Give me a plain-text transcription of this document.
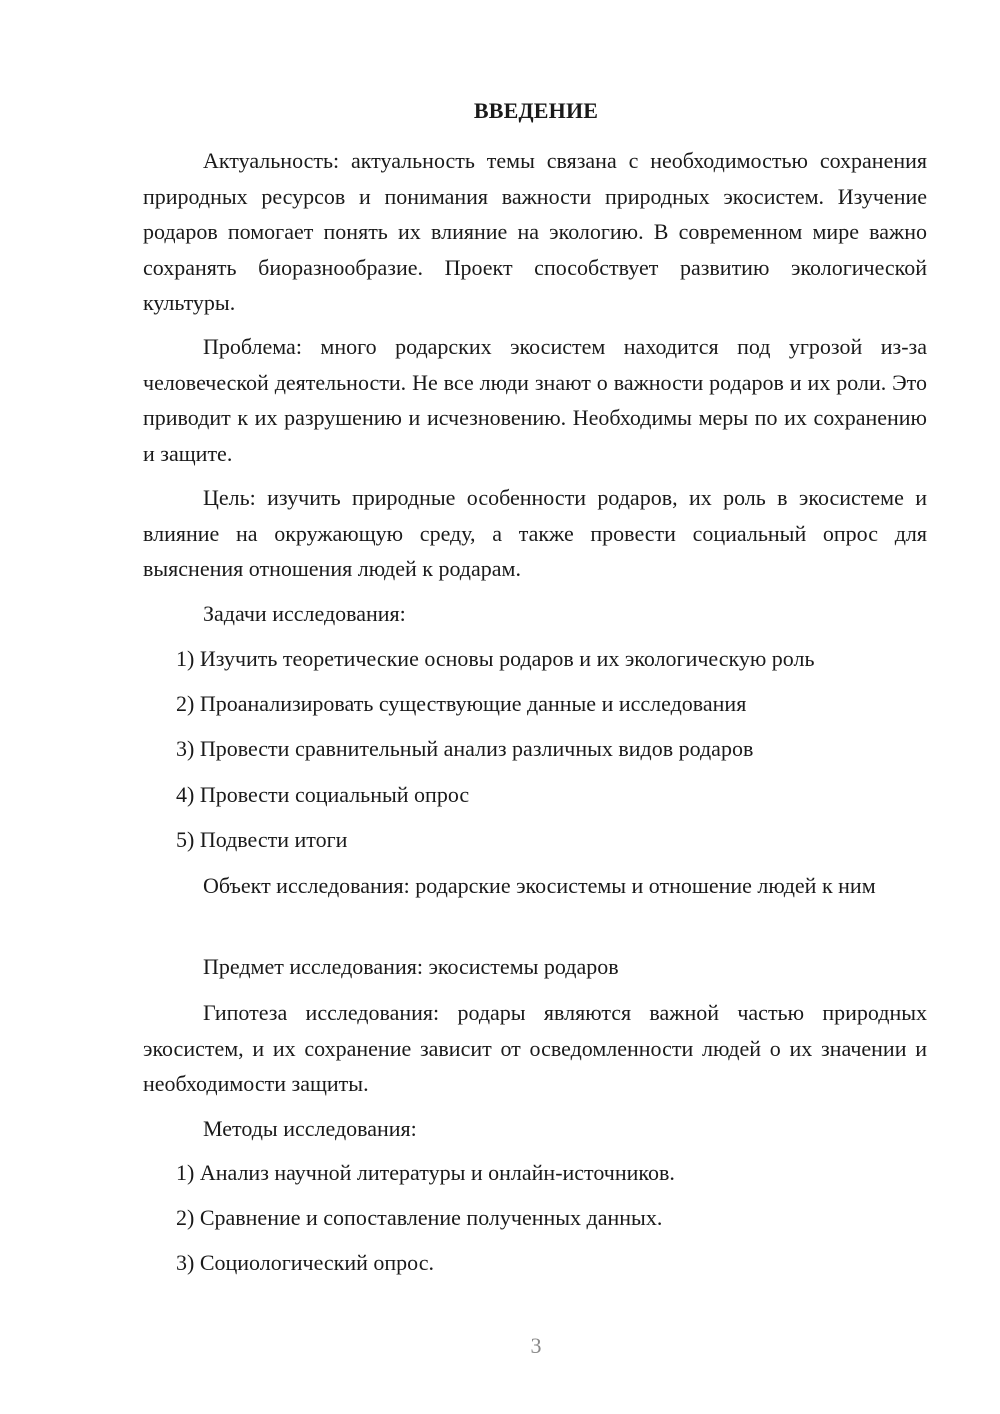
ВВЕДЕНИЕ

Актуальность: актуальность темы связана с необходимостью сохранения природных ресурсов и понимания важности природных экосистем. Изучение родаров помогает понять их влияние на экологию. В современном мире важно сохранять биоразнообразие. Проект способствует развитию экологической культуры.

Проблема: много родарских экосистем находится под угрозой из-за человеческой деятельности. Не все люди знают о важности родаров и их роли. Это приводит к их разрушению и исчезновению. Необходимы меры по их сохранению и защите.

Цель: изучить природные особенности родаров, их роль в экосистеме и влияние на окружающую среду, а также провести социальный опрос для выяснения отношения людей к родарам.

Задачи исследования:

1) Изучить теоретические основы родаров и их экологическую роль

2) Проанализировать существующие данные и исследования

3) Провести сравнительный анализ различных видов родаров

4) Провести социальный опрос

5) Подвести итоги

Объект исследования: родарские экосистемы и отношение людей к ним

Предмет исследования: экосистемы родаров

Гипотеза исследования: родары являются важной частью природных экосистем, и их сохранение зависит от осведомленности людей о их значении и необходимости защиты.

Методы исследования:

1) Анализ научной литературы и онлайн-источников.

2) Сравнение и сопоставление полученных данных.

3) Социологический опрос.

3
